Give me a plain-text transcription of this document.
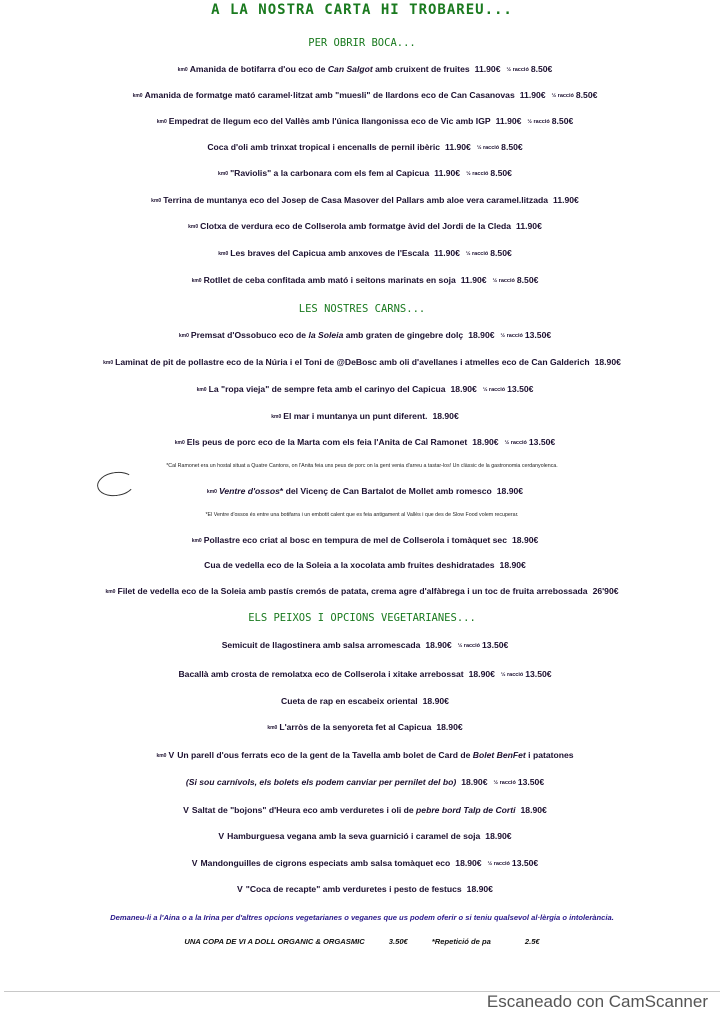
A LA NOSTRA CARTA HI TROBAREU...
PER OBRIR BOCA...
km0 Amanida de botifarra d'ou eco de Can Salgot amb cruixent de fruites 11.90€ ½ racció 8.50€
km0 Amanida de formatge mató caramel·litzat amb "muesli" de llardons eco de Can Casanovas 11.90€ ½ racció 8.50€
km0 Empedrat de llegum eco del Vallès amb l'única llangonissa eco de Vic amb IGP 11.90€ ½ racció 8.50€
Coca d'oli amb trinxat tropical i encenalls de pernil ibèric 11.90€ ½ racció 8.50€
km0 "Raviolis" a la carbonara com els fem al Capicua 11.90€ ½ racció 8.50€
km0 Terrina de muntanya eco del Josep de Casa Masover del Pallars amb aloe vera caramel.litzada 11.90€
km0 Clotxa de verdura eco de Collserola amb formatge àvid del Jordi de la Cleda 11.90€
km0 Les braves del Capicua amb anxoves de l'Escala 11.90€ ½ racció 8.50€
km0 Rotllet de ceba confitada amb mató i seitons marinats en soja 11.90€ ½ racció 8.50€
LES NOSTRES CARNS...
km0 Premsat d'Ossobuco eco de la Soleia amb graten de gingebre dolç 18.90€ ½ racció 13.50€
km0 Laminat de pit de pollastre eco de la Núria i el Toni de @DeBosc amb oli d'avellanes i atmelles eco de Can Galderich 18.90€
km0 La "ropa vieja" de sempre feta amb el carinyo del Capicua 18.90€ ½ racció 13.50€
km0 El mar i muntanya un punt diferent. 18.90€
km0 Els peus de porc eco de la Marta com els feia l'Anita de Cal Ramonet 18.90€ ½ racció 13.50€
*Cal Ramonet era un hostal situat a Quatre Cantons, on l'Anita feia uns peus de porc on la gent venia d'arreu a tastar-los! Un clàssic de la gastronomia cerdanyolenca.
km0 Ventre d'ossos* del Vicenç de Can Bartalot de Mollet amb romesco 18.90€
*El Ventre d'ossos és entre una botifarra i un embotit calent que es feia antigament al Vallès i que des de Slow Food volem recuperar.
km0 Pollastre eco criat al bosc en tempura de mel de Collserola i tomàquet sec 18.90€
Cua de vedella eco de la Soleia a la xocolata amb fruites deshidratades 18.90€
km0 Filet de vedella eco de la Soleia amb pastís cremós de patata, crema agre d'alfàbrega i un toc de fruita arrebossada 26'90€
ELS PEIXOS I OPCIONS VEGETARIANES...
Semicuit de llagostinera amb salsa arromescada 18.90€ ½ racció 13.50€
Bacallà amb crosta de remolatxa eco de Collserola i xitake arrebossat 18.90€ ½ racció 13.50€
Cueta de rap en escabeix oriental 18.90€
km0 L'arròs de la senyoreta fet al Capicua 18.90€
km0 V Un parell d'ous ferrats eco de la gent de la Tavella amb bolet de Card de Bolet BenFet i patatones
(Si sou carnívols, els bolets els podem canviar per pernilet del bo) 18.90€ ½ racció 13.50€
V Saltat de "bojons" d'Heura eco amb verduretes i oli de pebre bord Talp de Corti 18.90€
V Hamburguesa vegana amb la seva guarnició i caramel de soja 18.90€
V Mandonguilles de cigrons especiats amb salsa tomàquet eco 18.90€ ½ racció 13.50€
V "Coca de recapte" amb verduretes i pesto de festucs 18.90€
Demaneu-li a l'Aina o a la Irina per d'altres opcions vegetarianes o veganes que us podem oferir o si teniu qualsevol al·lèrgia o intolerància.
UNA COPA DE VI A DOLL ORGANIC & ORGASMIC	3.50€	*Repetició de pa	2.5€
Escaneado con CamScanner
